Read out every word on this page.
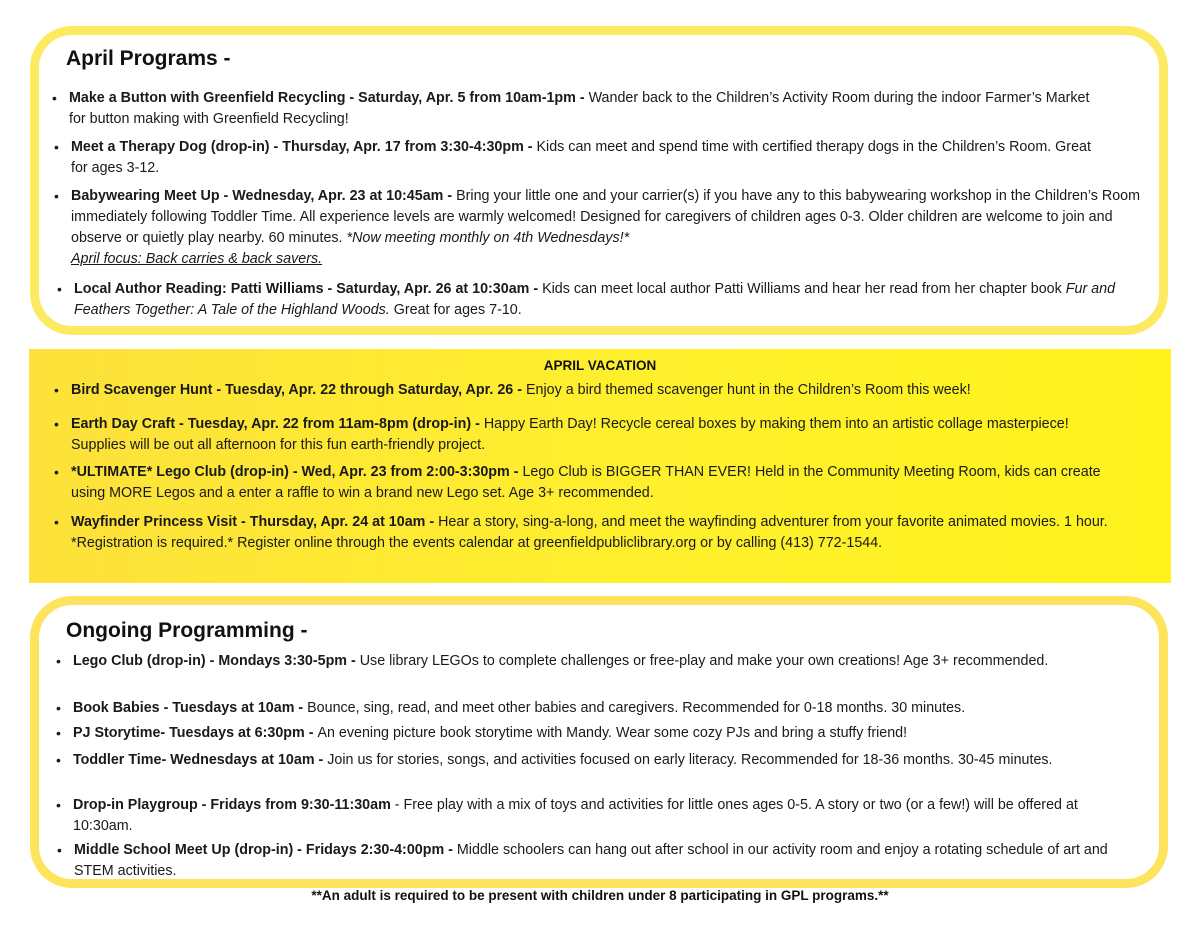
April Programs -
• Make a Button with Greenfield Recycling - Saturday, Apr. 5 from 10am-1pm - Wander back to the Children’s Activity Room during the indoor Farmer’s Market for button making with Greenfield Recycling!
• Meet a Therapy Dog (drop-in) - Thursday, Apr. 17 from 3:30-4:30pm - Kids can meet and spend time with certified therapy dogs in the Children’s Room. Great for ages 3-12.
• Babywearing Meet Up - Wednesday, Apr. 23 at 10:45am - Bring your little one and your carrier(s) if you have any to this babywearing workshop in the Children’s Room immediately following Toddler Time. All experience levels are warmly welcomed! Designed for caregivers of children ages 0-3. Older children are welcome to join and observe or quietly play nearby. 60 minutes. *Now meeting monthly on 4th Wednesdays!*
April focus: Back carries & back savers.
• Local Author Reading: Patti Williams - Saturday, Apr. 26 at 10:30am - Kids can meet local author Patti Williams and hear her read from her chapter book Fur and Feathers Together: A Tale of the Highland Woods. Great for ages 7-10.
APRIL VACATION
• Bird Scavenger Hunt - Tuesday, Apr. 22 through Saturday, Apr. 26 - Enjoy a bird themed scavenger hunt in the Children’s Room this week!
• Earth Day Craft - Tuesday, Apr. 22 from 11am-8pm (drop-in) - Happy Earth Day! Recycle cereal boxes by making them into an artistic collage masterpiece! Supplies will be out all afternoon for this fun earth-friendly project.
• *ULTIMATE* Lego Club (drop-in) - Wed, Apr. 23 from 2:00-3:30pm - Lego Club is BIGGER THAN EVER! Held in the Community Meeting Room, kids can create using MORE Legos and a enter a raffle to win a brand new Lego set. Age 3+ recommended.
• Wayfinder Princess Visit - Thursday, Apr. 24 at 10am - Hear a story, sing-a-long, and meet the wayfinding adventurer from your favorite animated movies. 1 hour. *Registration is required.* Register online through the events calendar at greenfieldpubliclibrary.org or by calling (413) 772-1544.
Ongoing Programming -
• Lego Club (drop-in) - Mondays 3:30-5pm - Use library LEGOs to complete challenges or free-play and make your own creations! Age 3+ recommended.
• Book Babies - Tuesdays at 10am - Bounce, sing, read, and meet other babies and caregivers. Recommended for 0-18 months. 30 minutes.
• PJ Storytime- Tuesdays at 6:30pm - An evening picture book storytime with Mandy. Wear some cozy PJs and bring a stuffy friend!
• Toddler Time- Wednesdays at 10am - Join us for stories, songs, and activities focused on early literacy. Recommended for 18-36 months. 30-45 minutes.
• Drop-in Playgroup - Fridays from 9:30-11:30am - Free play with a mix of toys and activities for little ones ages 0-5. A story or two (or a few!) will be offered at 10:30am.
• Middle School Meet Up (drop-in) - Fridays 2:30-4:00pm - Middle schoolers can hang out after school in our activity room and enjoy a rotating schedule of art and STEM activities.
**An adult is required to be present with children under 8 participating in GPL programs.**
